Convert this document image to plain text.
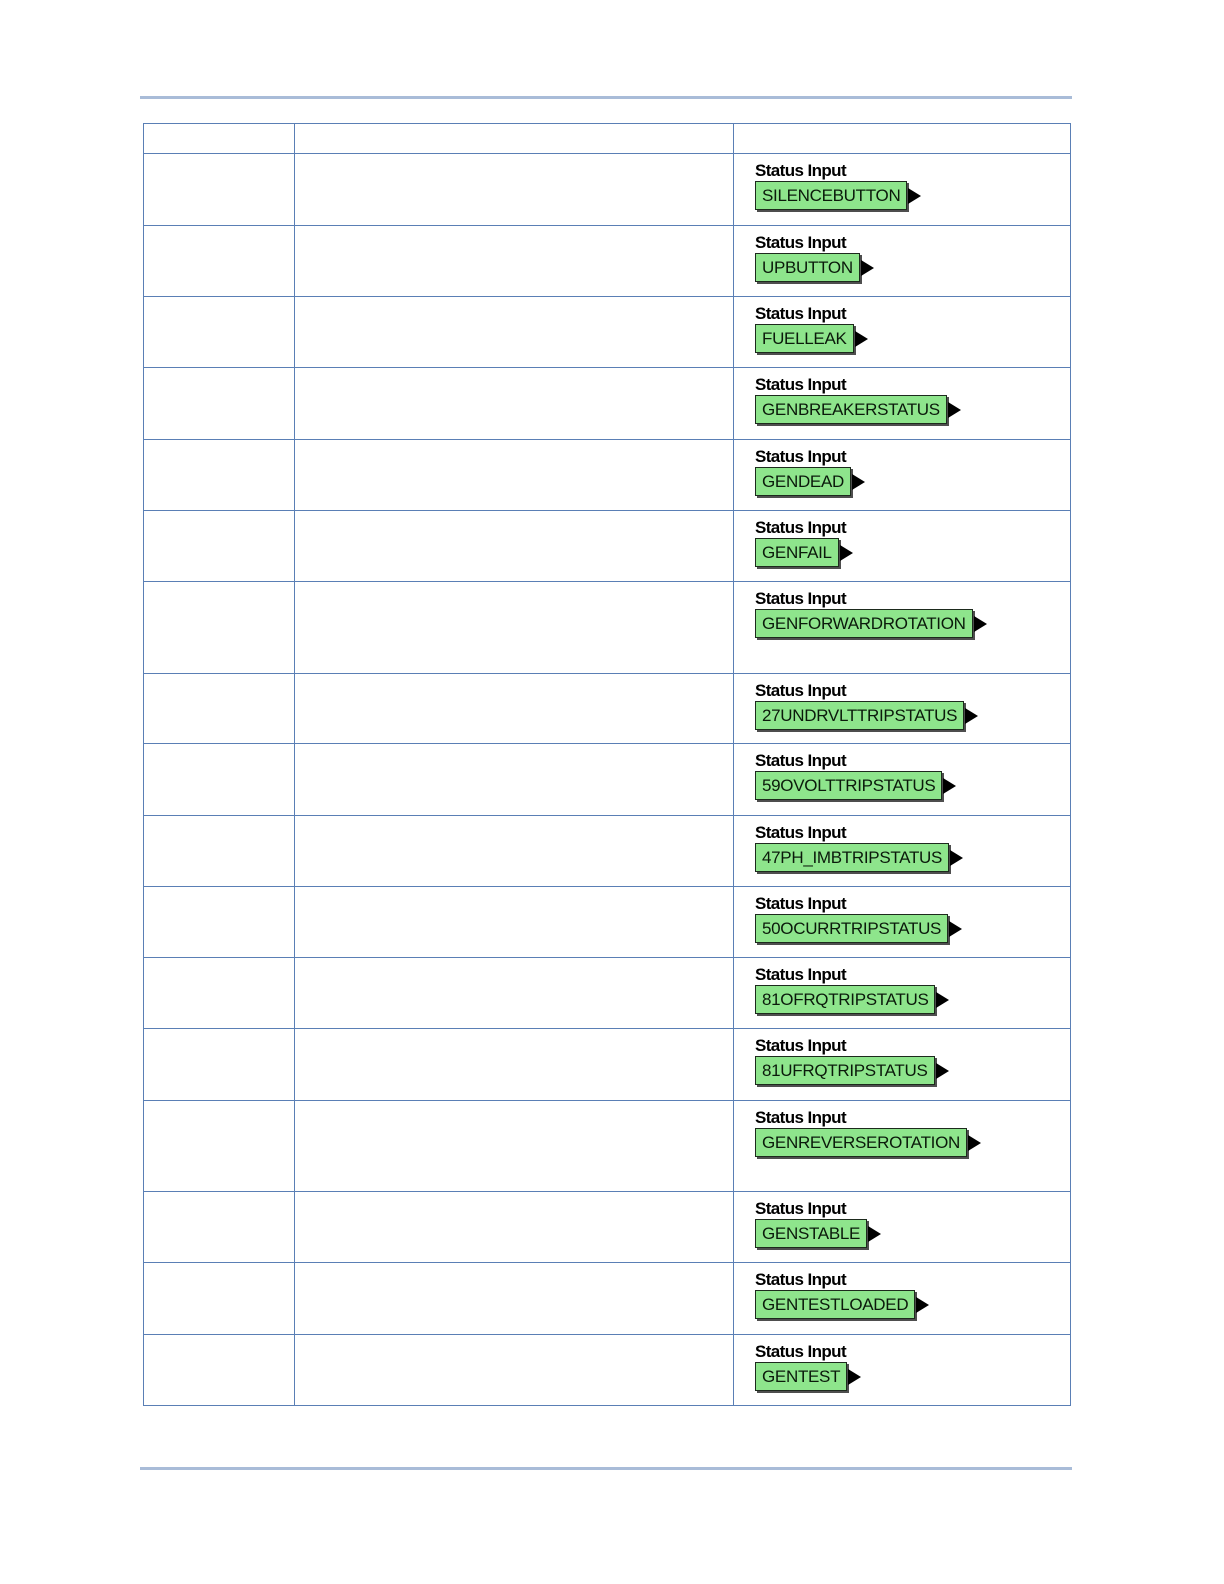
		Status Input
SILENCEBUTTON

		Status Input
UPBUTTON

		Status Input
FUELLEAK

		Status Input
GENBREAKERSTATUS

		Status Input
GENDEAD

		Status Input
GENFAIL

		Status Input
GENFORWARDROTATION

		Status Input
27UNDRVLTTRIPSTATUS

		Status Input
59OVOLTTRIPSTATUS

		Status Input
47PH_IMBTRIPSTATUS

		Status Input
50OCURRTRIPSTATUS

		Status Input
81OFRQTRIPSTATUS

		Status Input
81UFRQTRIPSTATUS

		Status Input
GENREVERSEROTATION

		Status Input
GENSTABLE

		Status Input
GENTESTLOADED

		Status Input
GENTEST
